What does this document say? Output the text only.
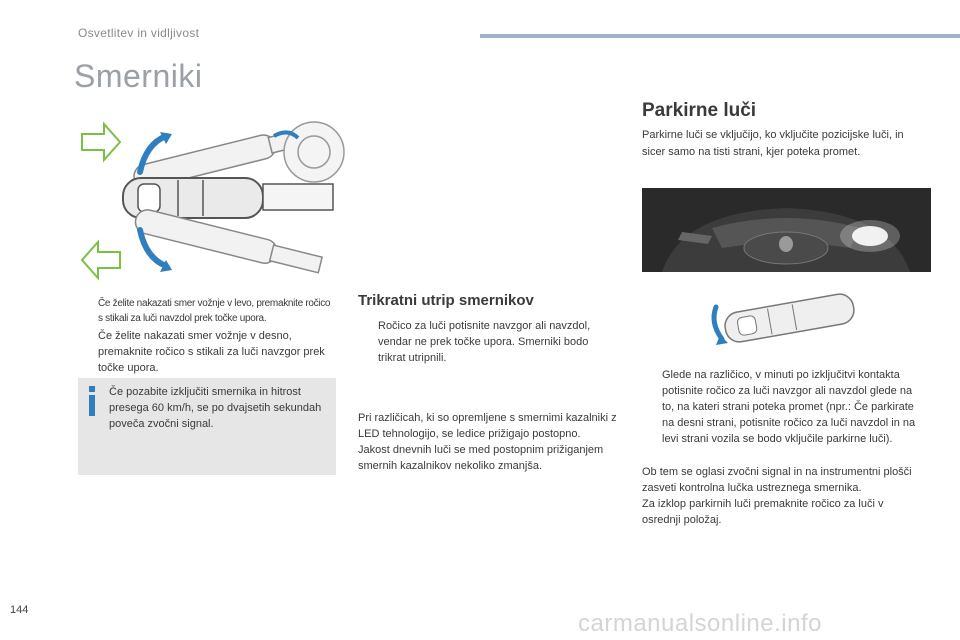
Osvetlitev in vidljivost
Smerniki
Če želite nakazati smer vožnje v levo, premaknite ročico s stikali za luči navzdol prek točke upora.
Če želite nakazati smer vožnje v desno, premaknite ročico s stikali za luči navzgor prek točke upora.
Če pozabite izključiti smernika in hitrost presega 60 km/h, se po dvajsetih sekundah poveča zvočni signal.
Trikratni utrip smernikov
Ročico za luči potisnite navzgor ali navzdol, vendar ne prek točke upora. Smerniki bodo trikrat utripnili.
Pri različicah, ki so opremljene s smernimi kazalniki z LED tehnologijo, se ledice prižigajo postopno.
Jakost dnevnih luči se med postopnim prižiganjem smernih kazalnikov nekoliko zmanjša.
Parkirne luči
Parkirne luči se vključijo, ko vključite pozicijske luči, in sicer samo na tisti strani, kjer poteka promet.
Glede na različico, v minuti po izključitvi kontakta potisnite ročico za luči navzgor ali navzdol glede na to, na kateri strani poteka promet (npr.: Če parkirate na desni strani, potisnite ročico za luči navzdol in na levi strani vozila se bodo vključile parkirne luči).
Ob tem se oglasi zvočni signal in na instrumentni plošči zasveti kontrolna lučka ustreznega smernika.
Za izklop parkirnih luči premaknite ročico za luči v osrednji položaj.
144	carmanualsonline.info
